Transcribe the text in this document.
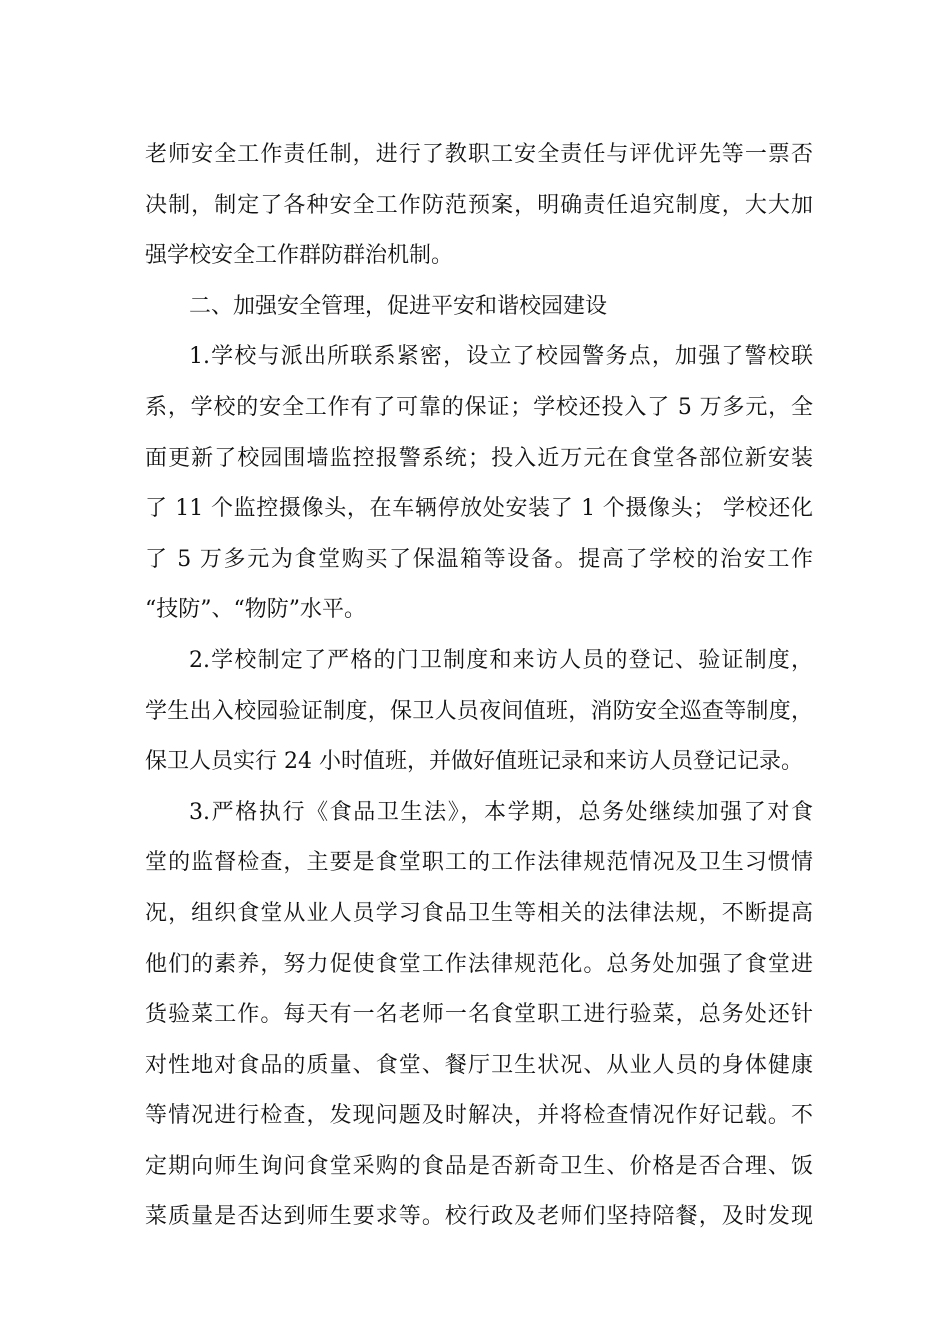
老师安全工作责任制，进行了教职工安全责任与评优评先等一票否
决制，制定了各种安全工作防范预案，明确责任追究制度，大大加
强学校安全工作群防群治机制。

二、加强安全管理，促进平安和谐校园建设

1.学校与派出所联系紧密，设立了校园警务点，加强了警校联
系，学校的安全工作有了可靠的保证；学校还投入了 5 万多元，全
面更新了校园围墙监控报警系统；投入近万元在食堂各部位新安装
了 11 个监控摄像头，在车辆停放处安装了 1 个摄像头； 学校还化
了 5 万多元为食堂购买了保温箱等设备。提高了学校的治安工作
“技防”、“物防”水平。

2.学校制定了严格的门卫制度和来访人员的登记、验证制度，
学生出入校园验证制度，保卫人员夜间值班，消防安全巡查等制度，
保卫人员实行 24 小时值班，并做好值班记录和来访人员登记记录。

3.严格执行《食品卫生法》，本学期，总务处继续加强了对食
堂的监督检查，主要是食堂职工的工作法律规范情况及卫生习惯情
况，组织食堂从业人员学习食品卫生等相关的法律法规，不断提高
他们的素养，努力促使食堂工作法律规范化。总务处加强了食堂进
货验菜工作。每天有一名老师一名食堂职工进行验菜，总务处还针
对性地对食品的质量、食堂、餐厅卫生状况、从业人员的身体健康
等情况进行检查，发现问题及时解决，并将检查情况作好记载。不
定期向师生询问食堂采购的食品是否新奇卫生、价格是否合理、饭
菜质量是否达到师生要求等。校行政及老师们坚持陪餐，及时发现
